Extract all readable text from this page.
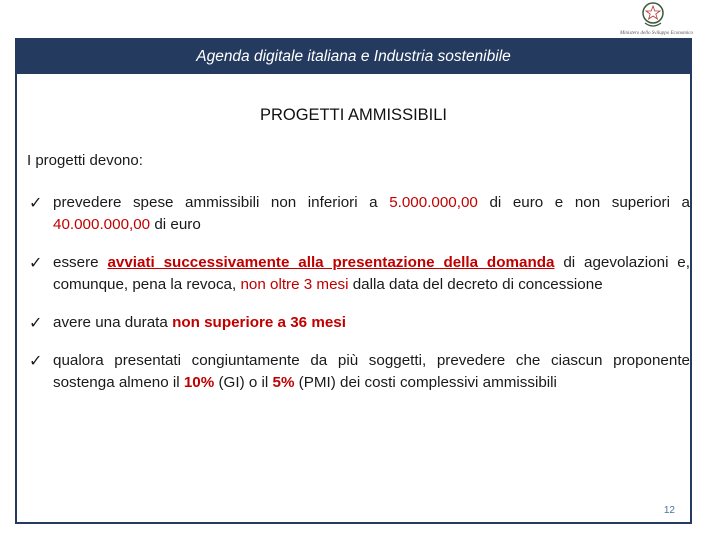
Ministero dello Sviluppo Economico
Agenda digitale italiana e Industria sostenibile
PROGETTI AMMISSIBILI
I progetti devono:
✓ prevedere spese ammissibili non inferiori a 5.000.000,00 di euro e non superiori a 40.000.000,00 di euro
✓ essere avviati successivamente alla presentazione della domanda di agevolazioni e, comunque, pena la revoca, non oltre 3 mesi dalla data del decreto di concessione
✓ avere una durata non superiore a 36 mesi
✓ qualora presentati congiuntamente da più soggetti, prevedere che ciascun proponente sostenga almeno il 10% (GI) o il 5% (PMI) dei costi complessivi ammissibili
12
